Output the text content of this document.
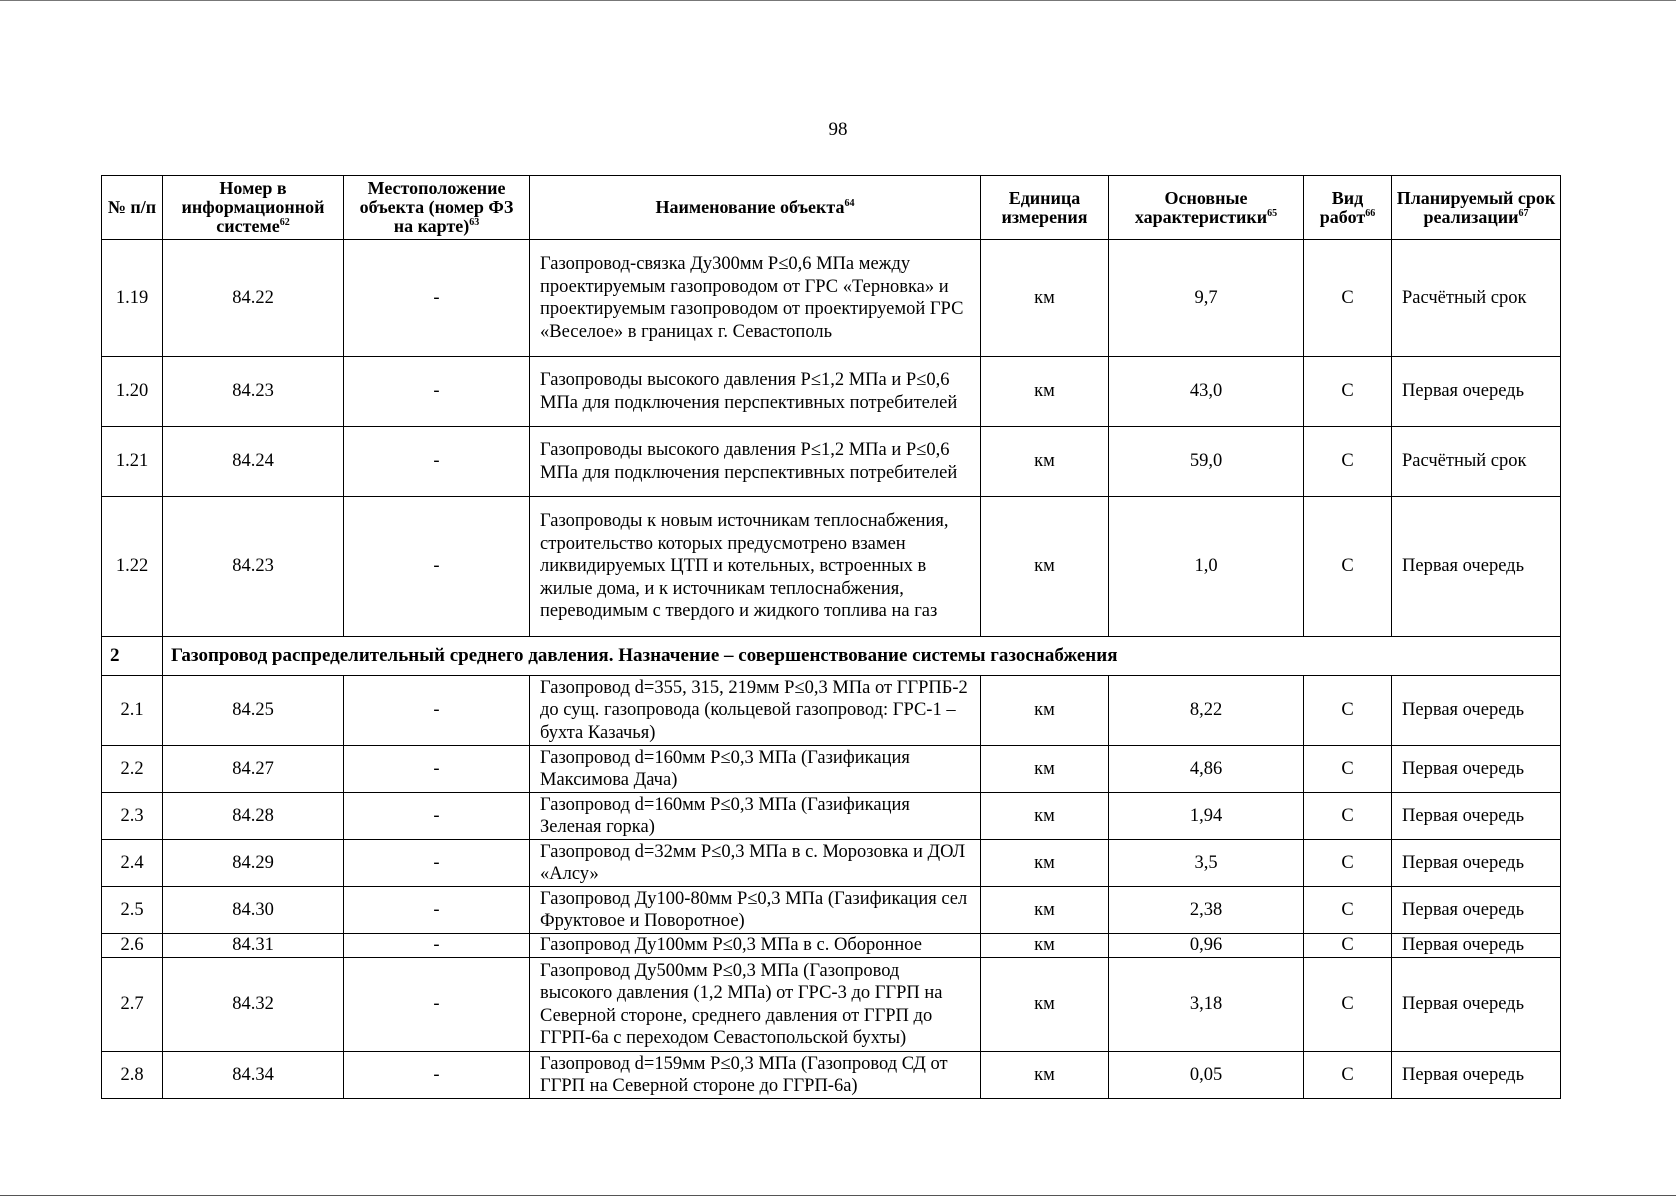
98
№ п/п	Номер в информационной системе$^{62}$	Местоположение объекта (номер ФЗ на карте)$^{63}$	Наименование объекта$^{64}$	Единица измерения	Основные характеристики$^{65}$	Вид работ$^{66}$	Планируемый срок реализации$^{67}$
1.19	84.22	-	Газопровод-связка Ду300мм Р≤0,6 МПа между проектируемым газопроводом от ГРС «Терновка» и проектируемым газопроводом от проектируемой ГРС «Веселое» в границах г. Севастополь	км	9,7	С	Расчётный срок
1.20	84.23	-	Газопроводы высокого давления Р≤1,2 МПа и Р≤0,6 МПа для подключения перспективных потребителей	км	43,0	С	Первая очередь
1.21	84.24	-	Газопроводы высокого давления Р≤1,2 МПа и Р≤0,6 МПа для подключения перспективных потребителей	км	59,0	С	Расчётный срок
1.22	84.23	-	Газопроводы к новым источникам теплоснабжения, строительство которых предусмотрено взамен ликвидируемых ЦТП и котельных, встроенных в жилые дома, и к источникам теплоснабжения, переводимым с твердого и жидкого топлива на газ	км	1,0	С	Первая очередь
2	Газопровод распределительный среднего давления. Назначение – совершенствование системы газоснабжения						
2.1	84.25	-	Газопровод d=355, 315, 219мм Р≤0,3 МПа от ГГРПБ-2 до сущ. газопровода (кольцевой газопровод: ГРС-1 – бухта Казачья)	км	8,22	С	Первая очередь
2.2	84.27	-	Газопровод d=160мм Р≤0,3 МПа (Газификация Максимова Дача)	км	4,86	С	Первая очередь
2.3	84.28	-	Газопровод d=160мм Р≤0,3 МПа (Газификация Зеленая горка)	км	1,94	С	Первая очередь
2.4	84.29	-	Газопровод d=32мм Р≤0,3 МПа в с. Морозовка и ДОЛ «Алсу»	км	3,5	С	Первая очередь
2.5	84.30	-	Газопровод Ду100-80мм Р≤0,3 МПа (Газификация сел Фруктовое и Поворотное)	км	2,38	С	Первая очередь
2.6	84.31	-	Газопровод Ду100мм Р≤0,3 МПа в с. Оборонное	км	0,96	С	Первая очередь
2.7	84.32	-	Газопровод Ду500мм Р≤0,3 МПа (Газопровод высокого давления (1,2 МПа) от ГРС-3 до ГГРП на Северной стороне, среднего давления от ГГРП до ГГРП-6а с переходом Севастопольской бухты)	км	3,18	С	Первая очередь
2.8	84.34	-	Газопровод d=159мм Р≤0,3 МПа (Газопровод СД от ГГРП на Северной стороне до ГГРП-6а)	км	0,05	С	Первая очередь
